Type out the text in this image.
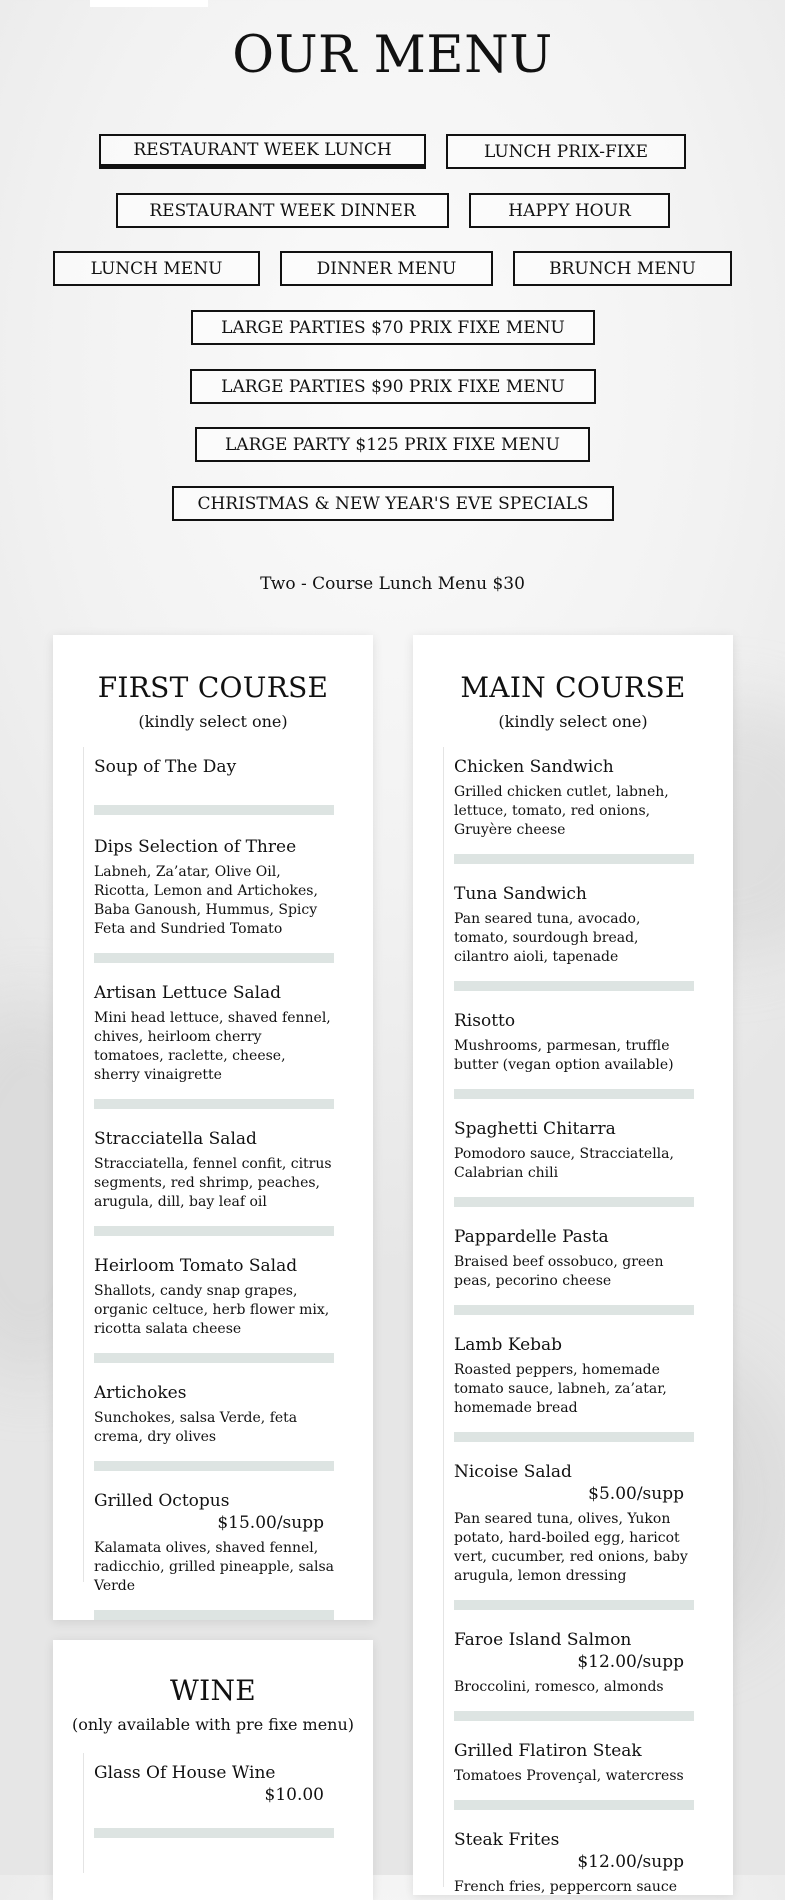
OUR MENU
RESTAURANT WEEK LUNCH	LUNCH PRIX-FIXE
RESTAURANT WEEK DINNER	HAPPY HOUR
LUNCH MENU	DINNER MENU	BRUNCH MENU
LARGE PARTIES $70 PRIX FIXE MENU
LARGE PARTIES $90 PRIX FIXE MENU
LARGE PARTY $125 PRIX FIXE MENU
CHRISTMAS & NEW YEAR'S EVE SPECIALS
Two - Course Lunch Menu $30
FIRST COURSE
(kindly select one)
Soup of The Day
Dips Selection of Three
Labneh, Za’atar, Olive Oil, Ricotta, Lemon and Artichokes, Baba Ganoush, Hummus, Spicy Feta and Sundried Tomato
Artisan Lettuce Salad
Mini head lettuce, shaved fennel, chives, heirloom cherry tomatoes, raclette, cheese, sherry vinaigrette
Stracciatella Salad
Stracciatella, fennel confit, citrus segments, red shrimp, peaches, arugula, dill, bay leaf oil
Heirloom Tomato Salad
Shallots, candy snap grapes, organic celtuce, herb flower mix, ricotta salata cheese
Artichokes
Sunchokes, salsa Verde, feta crema, dry olives
Grilled Octopus
$15.00/supp
Kalamata olives, shaved fennel, radicchio, grilled pineapple, salsa Verde
WINE
(only available with pre fixe menu)
Glass Of House Wine
$10.00
MAIN COURSE
(kindly select one)
Chicken Sandwich
Grilled chicken cutlet, labneh, lettuce, tomato, red onions, Gruyère cheese
Tuna Sandwich
Pan seared tuna, avocado, tomato, sourdough bread, cilantro aioli, tapenade
Risotto
Mushrooms, parmesan, truffle butter (vegan option available)
Spaghetti Chitarra
Pomodoro sauce, Stracciatella, Calabrian chili
Pappardelle Pasta
Braised beef ossobuco, green peas, pecorino cheese
Lamb Kebab
Roasted peppers, homemade tomato sauce, labneh, za’atar, homemade bread
Nicoise Salad
$5.00/supp
Pan seared tuna, olives, Yukon potato, hard-boiled egg, haricot vert, cucumber, red onions, baby arugula, lemon dressing
Faroe Island Salmon
$12.00/supp
Broccolini, romesco, almonds
Grilled Flatiron Steak
Tomatoes Provençal, watercress
Steak Frites
$12.00/supp
French fries, peppercorn sauce
